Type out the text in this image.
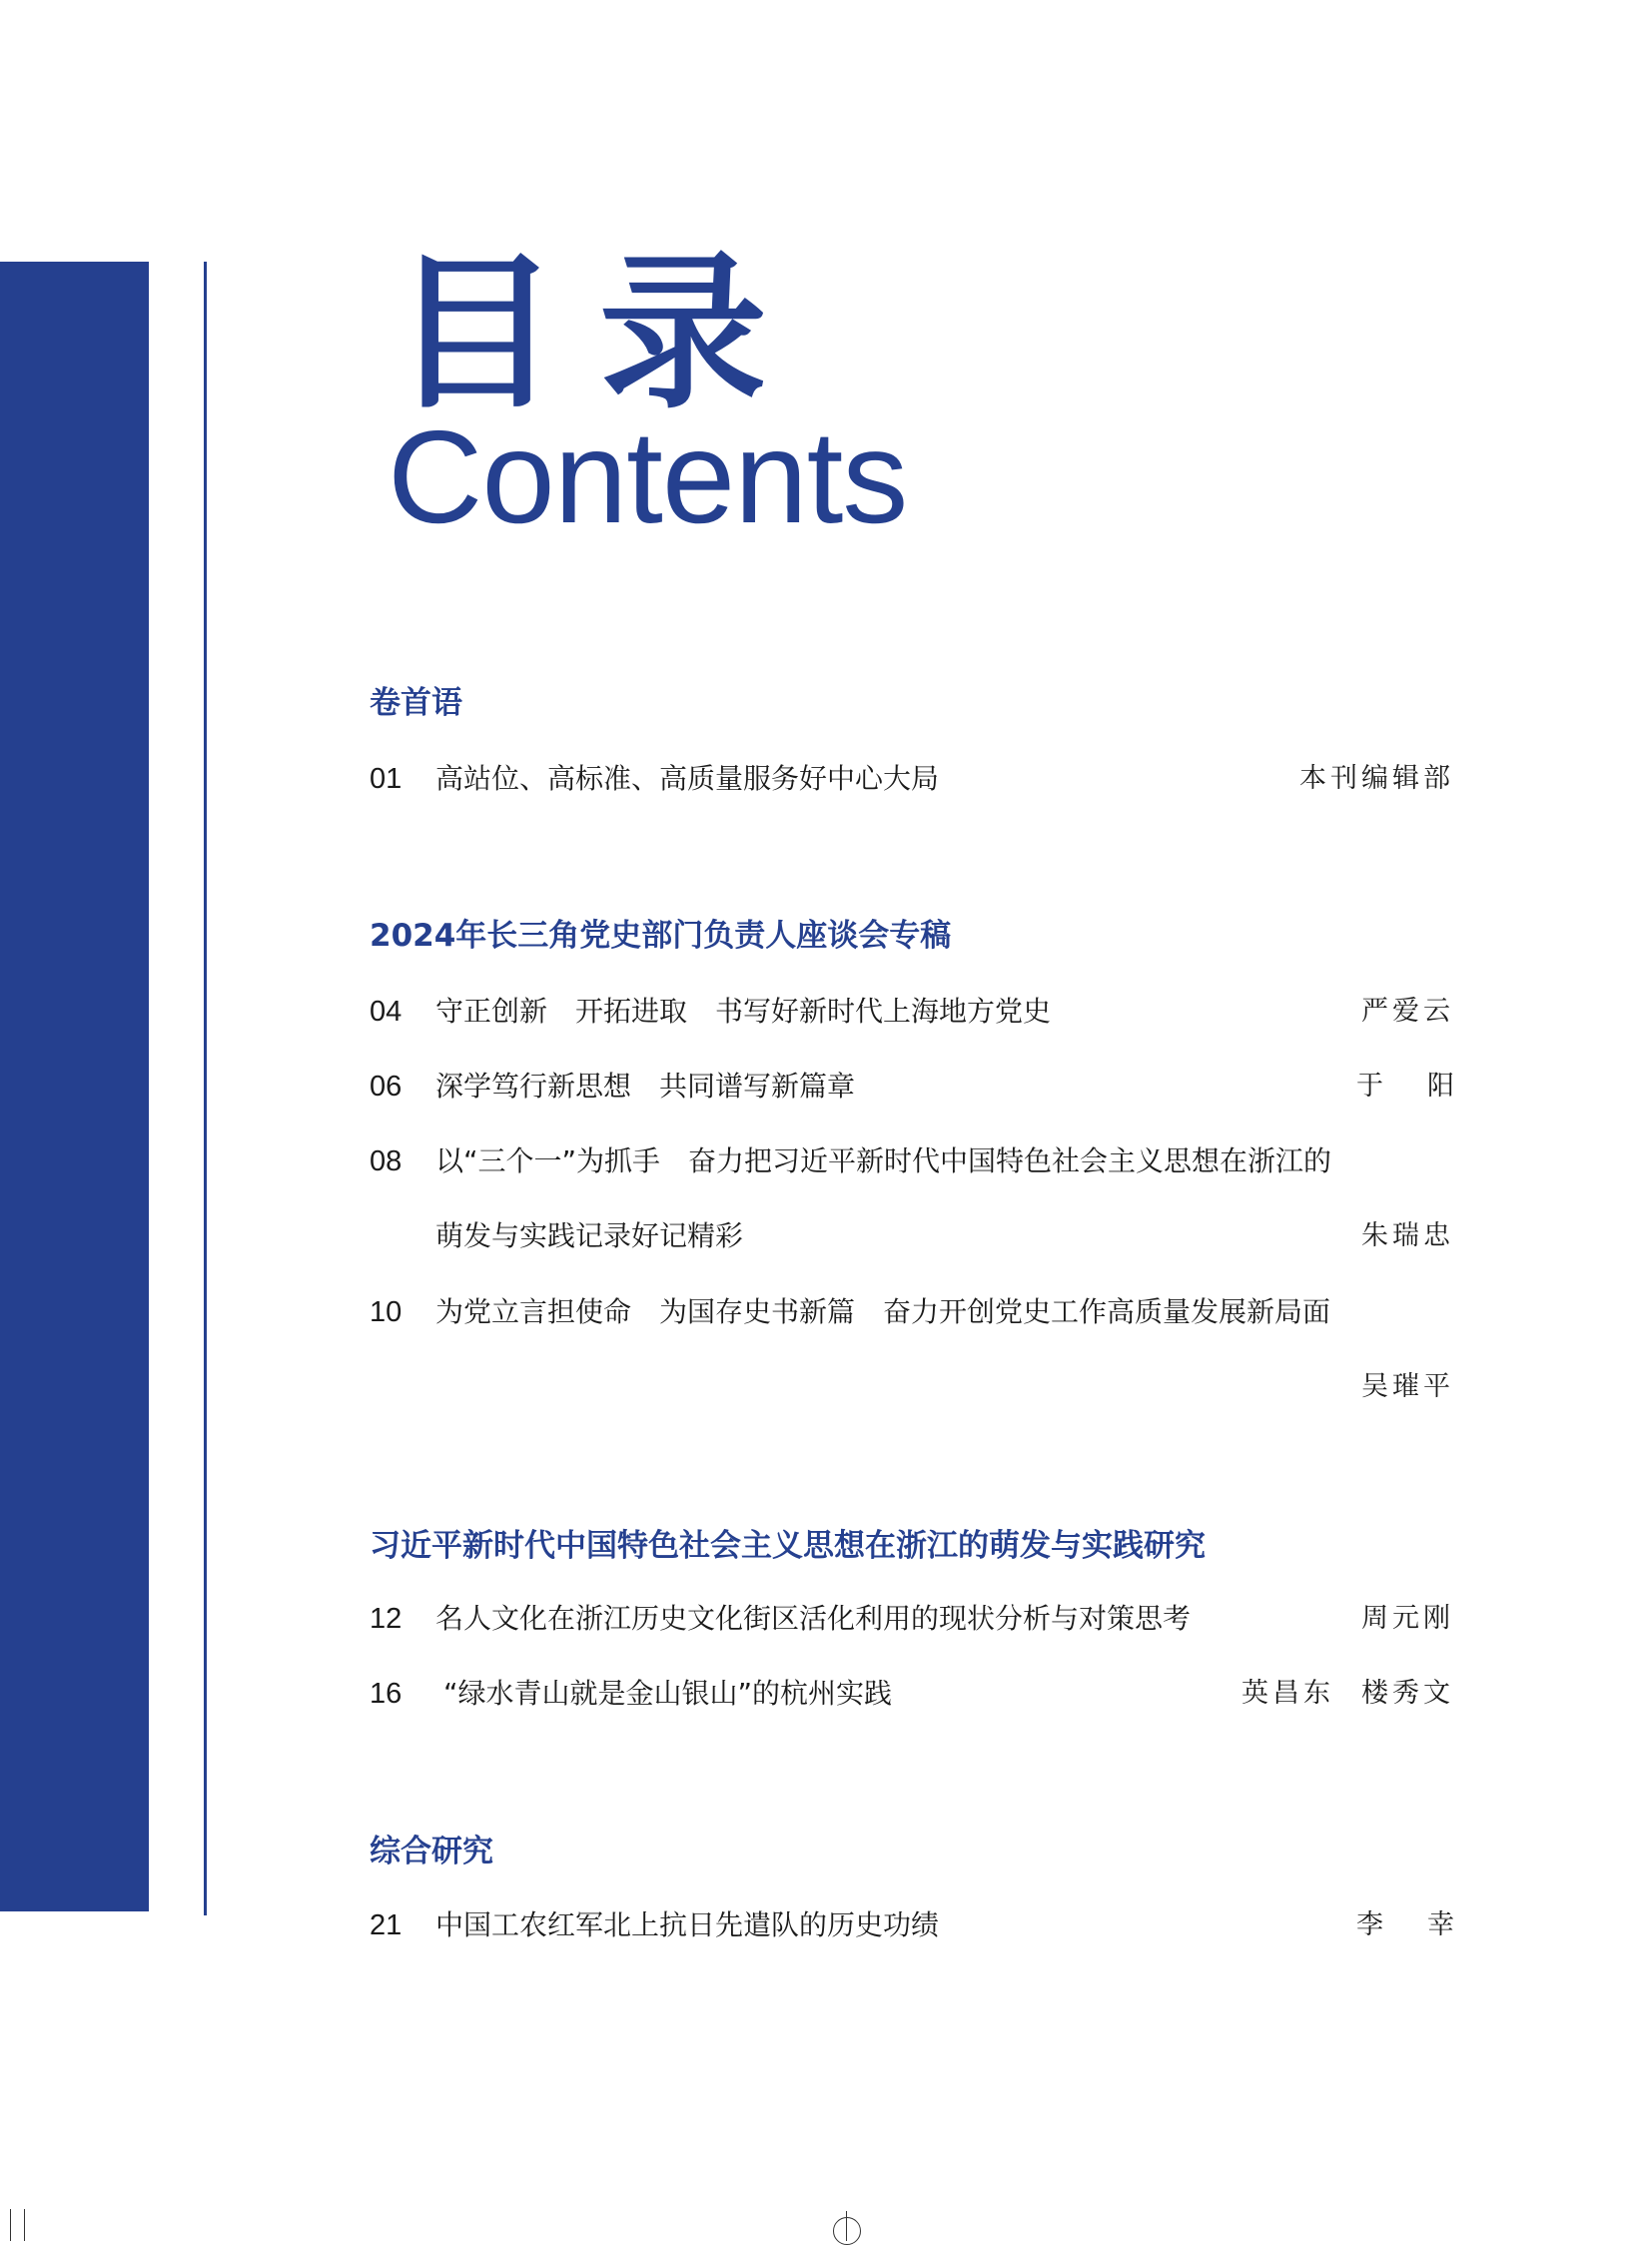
目录
Contents
卷首语
01 高站位、高标准、高质量服务好中心大局	本刊编辑部
2024年长三角党史部门负责人座谈会专稿
04 守正创新　开拓进取　书写好新时代上海地方党史	严爱云
06 深学笃行新思想　共同谱写新篇章	于阳
08 以“三个一”为抓手　奋力把习近平新时代中国特色社会主义思想在浙江的
萌发与实践记录好记精彩	朱瑞忠
10 为党立言担使命　为国存史书新篇　奋力开创党史工作高质量发展新局面
吴璀平
习近平新时代中国特色社会主义思想在浙江的萌发与实践研究
12 名人文化在浙江历史文化街区活化利用的现状分析与对策思考	周元刚
16 “绿水青山就是金山银山”的杭州实践	英昌东 楼秀文
综合研究
21 中国工农红军北上抗日先遣队的历史功绩	李幸
